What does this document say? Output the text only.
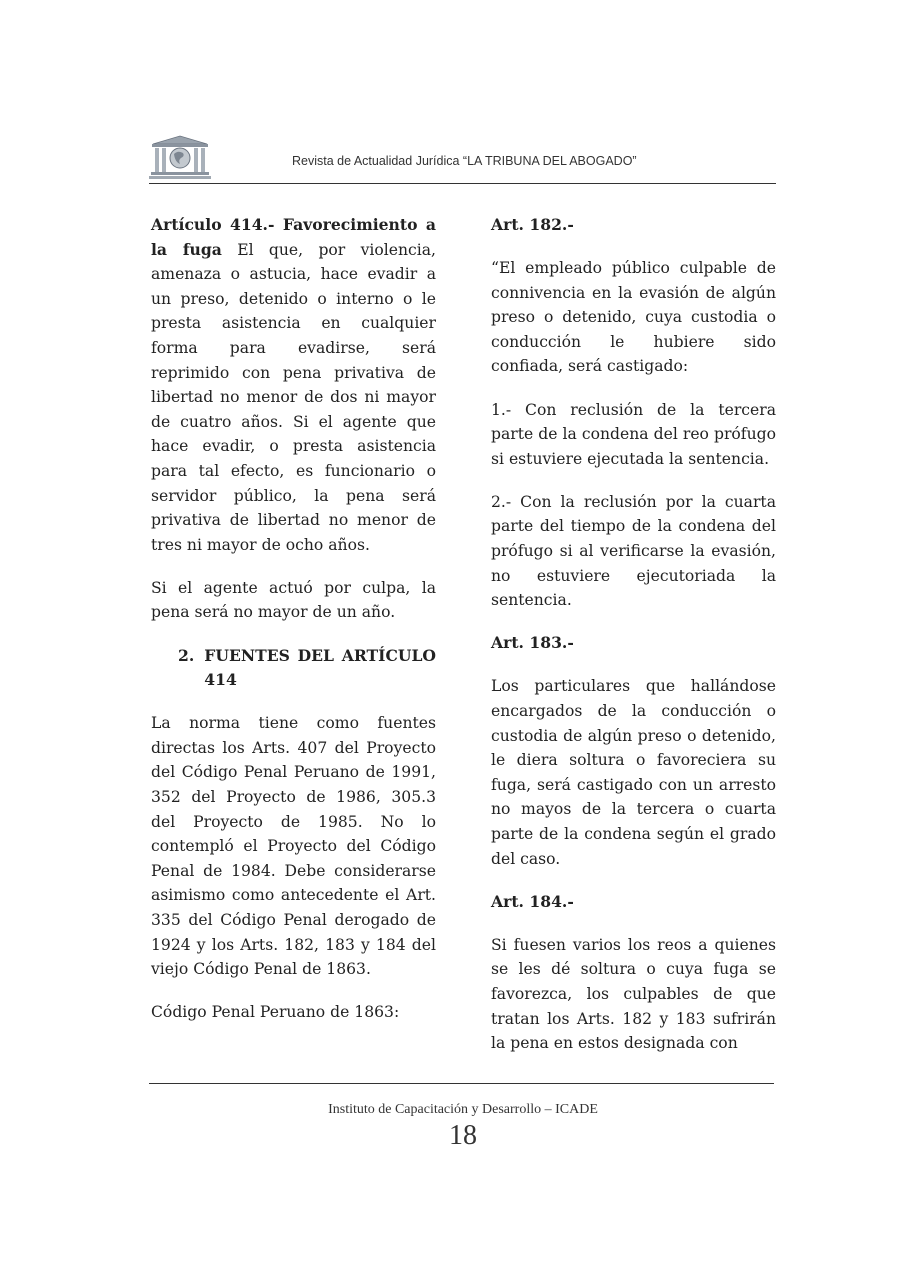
Revista de Actualidad Jurídica “LA TRIBUNA DEL ABOGADO”

Artículo 414.- Favorecimiento a la fuga El que, por violencia, amenaza o astucia, hace evadir a un preso, detenido o interno o le presta asistencia en cualquier forma para evadirse, será reprimido con pena privativa de libertad no menor de dos ni mayor de cuatro años. Si el agente que hace evadir, o presta asistencia para tal efecto, es funcionario o servidor público, la pena será privativa de libertad no menor de tres ni mayor de ocho años.

Si el agente actuó por culpa, la pena será no mayor de un año.

2. FUENTES DEL ARTÍCULO 414

La norma tiene como fuentes directas los Arts. 407 del Proyecto del Código Penal Peruano de 1991, 352 del Proyecto de 1986, 305.3 del Proyecto de 1985. No lo contempló el Proyecto del Código Penal de 1984. Debe considerarse asimismo como antecedente el Art. 335 del Código Penal derogado de 1924 y los Arts. 182, 183 y 184 del viejo Código Penal de 1863.

Código Penal Peruano de 1863:

Art. 182.-

“El empleado público culpable de connivencia en la evasión de algún preso o detenido, cuya custodia o conducción le hubiere sido confiada, será castigado:

1.- Con reclusión de la tercera parte de la condena del reo prófugo si estuviere ejecutada la sentencia.

2.- Con la reclusión por la cuarta parte del tiempo de la condena del prófugo si al verificarse la evasión, no estuviere ejecutoriada la sentencia.

Art. 183.-

Los particulares que hallándose encargados de la conducción o custodia de algún preso o detenido, le diera soltura o favoreciera su fuga, será castigado con un arresto no mayos de la tercera o cuarta parte de la condena según el grado del caso.

Art. 184.-

Si fuesen varios los reos a quienes se les dé soltura o cuya fuga se favorezca, los culpables de que tratan los Arts. 182 y 183 sufrirán la pena en estos designada con

Instituto de Capacitación y Desarrollo – ICADE
18
